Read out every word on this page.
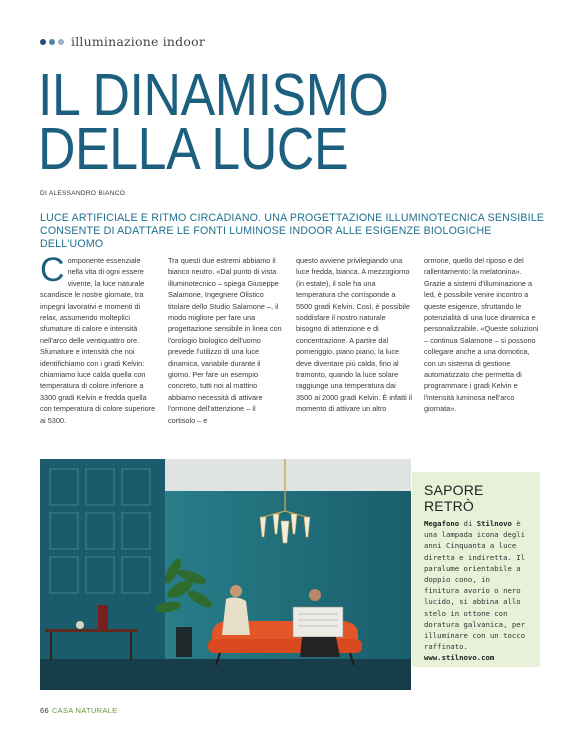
illuminazione indoor
IL DINAMISMO
DELLA LUCE
DI ALESSANDRO BIANCO
LUCE ARTIFICIALE E RITMO CIRCADIANO. UNA PROGETTAZIONE ILLUMINOTECNICA SENSIBILE
CONSENTE DI ADATTARE LE FONTI LUMINOSE INDOOR ALLE ESIGENZE BIOLOGICHE DELL'UOMO
Componente essenziale nella vita di ogni essere vivente, la luce naturale scandisce le nostre giornate, tra impegni lavorativi e momenti di relax, assumendo molteplici sfumature di calore e intensità nell'arco delle ventiquattro ore. Sfumature e intensità che noi identifichiamo con i gradi Kelvin: chiamiamo luce calda quella con temperatura di colore inferiore a 3300 gradi Kelvin e fredda quella con temperatura di colore superiore ai 5300.
Tra questi due estremi abbiamo il bianco neutro. «Dal punto di vista illuminotecnico – spiega Giuseppe Salamone, Ingegnere Olistico titolare dello Studio Salamone –, il modo migliore per fare una progettazione sensibile in linea con l'orologio biologico dell'uomo prevede l'utilizzo di una luce dinamica, variabile durante il giorno. Per fare un esempio concreto, tutti noi al mattino abbiamo necessità di attivare l'ormone dell'attenzione – il cortisolo – e
questo avviene privilegiando una luce fredda, bianca. A mezzogiorno (in estate), il sole ha una temperatura che corrisponde a 5500 gradi Kelvin. Così, è possibile soddisfare il nostro naturale bisogno di attenzione e di concentrazione. A partire dal pomeriggio, piano piano, la luce deve diventare più calda, fino al tramonto, quando la luce solare raggiunge una temperatura dai 3500 ai 2000 gradi Kelvin. È infatti il momento di attivare un altro
ormone, quello del riposo e del rallentamento: la melatonina». Grazie a sistemi d'illuminazione a led, è possibile venire incontro a queste esigenze, sfruttando le potenzialità di una luce dinamica e personalizzabile. «Queste soluzioni – continua Salamone – si possono collegare anche a una domotica, con un sistema di gestione automatizzato che permetta di programmare i gradi Kelvin e l'intensità luminosa nell'arco giornata».
SAPORE RETRÒ
Megafono di Stilnovo è una lampada icona degli anni Cinquanta a luce diretta e indiretta. Il paralume orientabile a doppio cono, in finitura avorio o nero lucido, si abbina allo stelo in ottone con doratura galvanica, per illuminare con un tocco raffinato.
www.stilnovo.com
66 CASA NATURALE
